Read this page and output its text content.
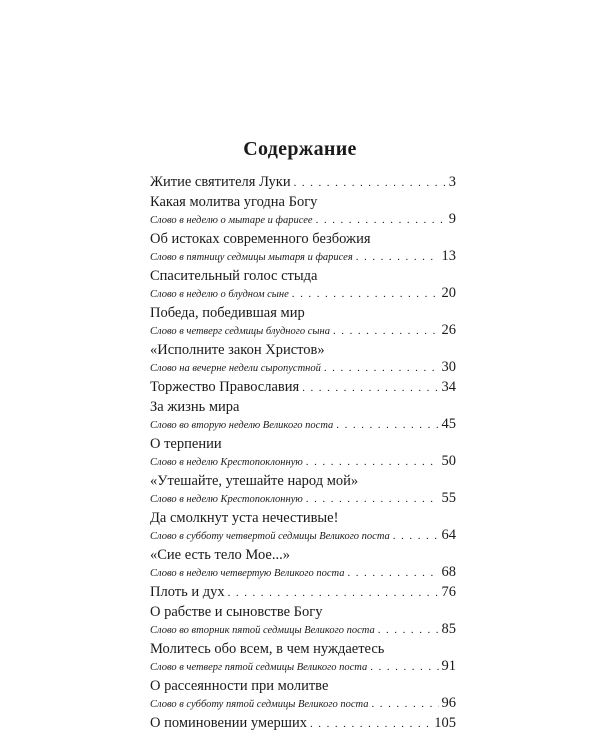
Содержание
Житие святителя Луки . . .	3
Какая молитва угодна Богу
Слово в неделю о мытаре и фарисее . . .	9
Об истоках современного безбожия
Слово в пятницу седмицы мытаря и фарисея . . .	13
Спасительный голос стыда
Слово в неделю о блудном сыне . . .	20
Победа, победившая мир
Слово в четверг седмицы блудного сына . . .	26
«Исполните закон Христов»
Слово на вечерне недели сыропустной . . .	30
Торжество Православия . . .	34
За жизнь мира
Слово во вторую неделю Великого поста . . .	45
О терпении
Слово в неделю Крестопоклонную . . .	50
«Утешайте, утешайте народ мой»
Слово в неделю Крестопоклонную . . .	55
Да смолкнут уста нечестивые!
Слово в субботу четвертой седмицы Великого поста . . .	64
«Сие есть тело Мое...»
Слово в неделю четвертую Великого поста . . .	68
Плоть и дух . . .	76
О рабстве и сыновстве Богу
Слово во вторник пятой седмицы Великого поста . . .	85
Молитесь обо всем, в чем нуждаетесь
Слово в четверг пятой седмицы Великого поста . . .	91
О рассеянности при молитве
Слово в субботу пятой седмицы Великого поста . . .	96
О поминовении умерших . . .	105
